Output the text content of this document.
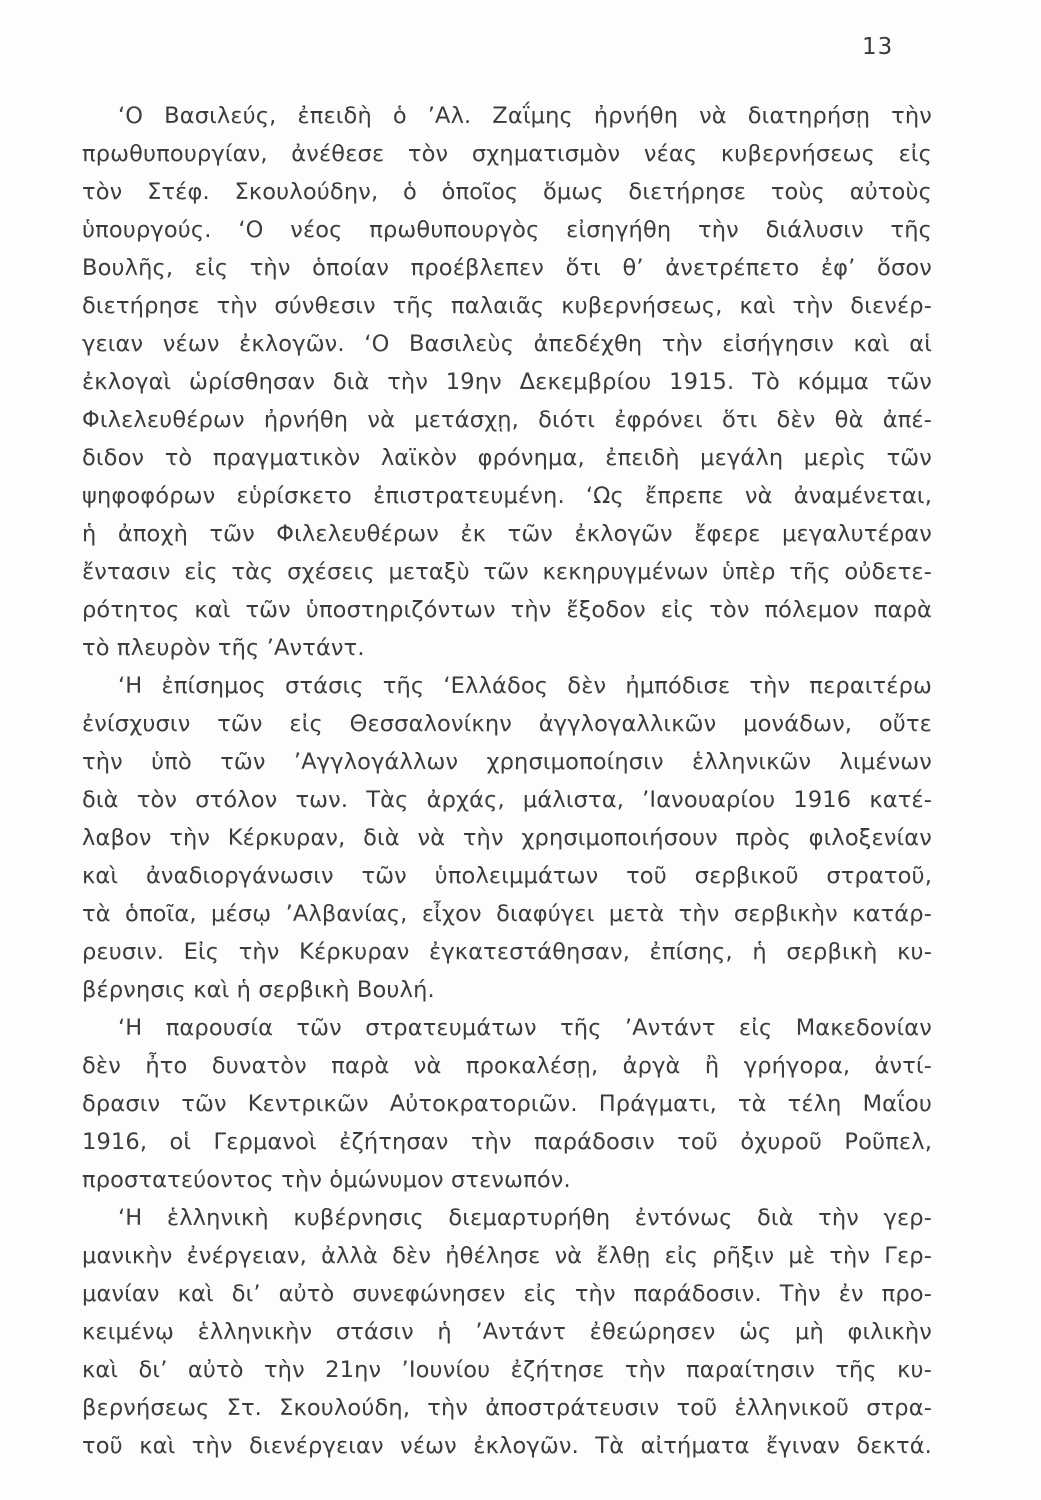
13
‘Ο Βασιλεύς, ἐπειδὴ ὁ ’Αλ. Ζαΐμης ἠρνήθη νὰ διατηρήσῃ τὴν
πρωθυπουργίαν, ἀνέθεσε τὸν σχηματισμὸν νέας κυβερνήσεως εἰς
τὸν Στέφ. Σκουλούδην, ὁ ὁποῖος ὅμως διετήρησε τοὺς αὐτοὺς
ὑπουργούς. ‘Ο νέος πρωθυπουργὸς εἰσηγήθη τὴν διάλυσιν τῆς
Βουλῆς, εἰς τὴν ὁποίαν προέβλεπεν ὅτι θ’ ἀνετρέπετο ἐφ’ ὅσον
διετήρησε τὴν σύνθεσιν τῆς παλαιᾶς κυβερνήσεως, καὶ τὴν διενέρ-
γειαν νέων ἐκλογῶν. ‘Ο Βασιλεὺς ἀπεδέχθη τὴν εἰσήγησιν καὶ αἱ
ἐκλογαὶ ὡρίσθησαν διὰ τὴν 19ην Δεκεμβρίου 1915. Τὸ κόμμα τῶν
Φιλελευθέρων ἠρνήθη νὰ μετάσχῃ, διότι ἐφρόνει ὅτι δὲν θὰ ἀπέ-
διδον τὸ πραγματικὸν λαϊκὸν φρόνημα, ἐπειδὴ μεγάλη μερὶς τῶν
ψηφοφόρων εὑρίσκετο ἐπιστρατευμένη. ‘Ως ἔπρεπε νὰ ἀναμένεται,
ἡ ἀποχὴ τῶν Φιλελευθέρων ἐκ τῶν ἐκλογῶν ἔφερε μεγαλυτέραν
ἔντασιν εἰς τὰς σχέσεις μεταξὺ τῶν κεκηρυγμένων ὑπὲρ τῆς οὐδετε-
ρότητος καὶ τῶν ὑποστηριζόντων τὴν ἔξοδον εἰς τὸν πόλεμον παρὰ
τὸ πλευρὸν τῆς ’Αντάντ.
‘Η ἐπίσημος στάσις τῆς ‘Ελλάδος δὲν ἠμπόδισε τὴν περαιτέρω
ἐνίσχυσιν τῶν εἰς Θεσσαλονίκην ἀγγλογαλλικῶν μονάδων, οὔτε
τὴν ὑπὸ τῶν ’Αγγλογάλλων χρησιμοποίησιν ἑλληνικῶν λιμένων
διὰ τὸν στόλον των. Τὰς ἀρχάς, μάλιστα, ’Ιανουαρίου 1916 κατέ-
λαβον τὴν Κέρκυραν, διὰ νὰ τὴν χρησιμοποιήσουν πρὸς φιλοξενίαν
καὶ ἀναδιοργάνωσιν τῶν ὑπολειμμάτων τοῦ σερβικοῦ στρατοῦ,
τὰ ὁποῖα, μέσῳ ’Αλβανίας, εἶχον διαφύγει μετὰ τὴν σερβικὴν κατάρ-
ρευσιν. Εἰς τὴν Κέρκυραν ἐγκατεστάθησαν, ἐπίσης, ἡ σερβικὴ κυ-
βέρνησις καὶ ἡ σερβικὴ Βουλή.
‘Η παρουσία τῶν στρατευμάτων τῆς ’Αντάντ εἰς Μακεδονίαν
δὲν ἦτο δυνατὸν παρὰ νὰ προκαλέσῃ, ἀργὰ ἢ γρήγορα, ἀντί-
δρασιν τῶν Κεντρικῶν Αὐτοκρατοριῶν. Πράγματι, τὰ τέλη Μαΐου
1916, οἱ Γερμανοὶ ἐζήτησαν τὴν παράδοσιν τοῦ ὀχυροῦ Ροῦπελ,
προστατεύοντος τὴν ὁμώνυμον στενωπόν.
‘Η ἑλληνικὴ κυβέρνησις διεμαρτυρήθη ἐντόνως διὰ τὴν γερ-
μανικὴν ἐνέργειαν, ἀλλὰ δὲν ἠθέλησε νὰ ἔλθῃ εἰς ρῆξιν μὲ τὴν Γερ-
μανίαν καὶ δι’ αὐτὸ συνεφώνησεν εἰς τὴν παράδοσιν. Τὴν ἐν προ-
κειμένῳ ἑλληνικὴν στάσιν ἡ ’Αντάντ ἐθεώρησεν ὡς μὴ φιλικὴν
καὶ δι’ αὐτὸ τὴν 21ην ’Ιουνίου ἐζήτησε τὴν παραίτησιν τῆς κυ-
βερνήσεως Στ. Σκουλούδη, τὴν ἀποστράτευσιν τοῦ ἑλληνικοῦ στρα-
τοῦ καὶ τὴν διενέργειαν νέων ἐκλογῶν. Τὰ αἰτήματα ἔγιναν δεκτά.
